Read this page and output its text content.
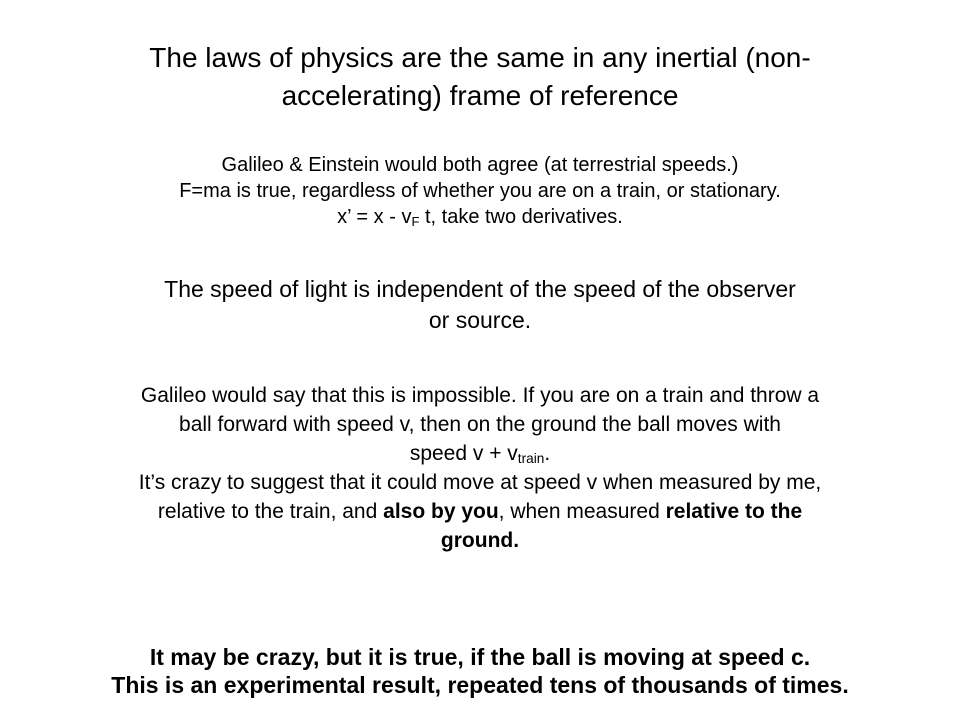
The laws of physics are the same in any inertial (non-
accelerating) frame of reference
Galileo & Einstein would both agree (at terrestrial speeds.)
F=ma is true, regardless of whether you are on a train, or stationary.
x’ = x - $v_F$ t, take two derivatives.
The speed of light is independent of the speed of the observer
or source.
Galileo would say that this is impossible. If you are on a train and throw a
ball forward with speed v, then on the ground the ball moves with
speed $v + v_{train}$.
It’s crazy to suggest that it could move at speed v when measured by me,
relative to the train, and also by you, when measured relative to the
ground.
It may be crazy, but it is true, if the ball is moving at speed c.
This is an experimental result, repeated tens of thousands of times.
